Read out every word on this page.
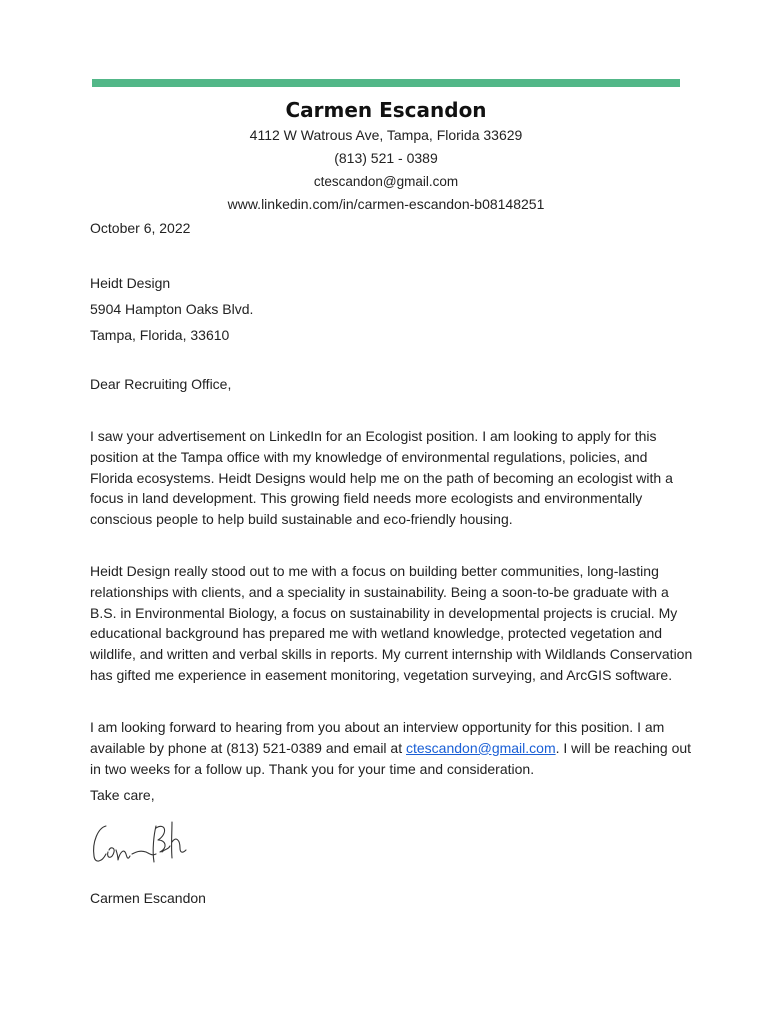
Carmen Escandon

4112 W Watrous Ave, Tampa, Florida 33629

(813) 521 - 0389

ctescandon@gmail.com

www.linkedin.com/in/carmen-escandon-b08148251

October 6, 2022
Heidt Design
5904 Hampton Oaks Blvd.
Tampa, Florida, 33610
Dear Recruiting Office,
I saw your advertisement on LinkedIn for an Ecologist position. I am looking to apply for this
position at the Tampa office with my knowledge of environmental regulations, policies, and
Florida ecosystems. Heidt Designs would help me on the path of becoming an ecologist with a
focus in land development. This growing field needs more ecologists and environmentally
conscious people to help build sustainable and eco-friendly housing.
Heidt Design really stood out to me with a focus on building better communities, long-lasting
relationships with clients, and a speciality in sustainability. Being a soon-to-be graduate with a
B.S. in Environmental Biology, a focus on sustainability in developmental projects is crucial. My
educational background has prepared me with wetland knowledge, protected vegetation and
wildlife, and written and verbal skills in reports. My current internship with Wildlands Conservation
has gifted me experience in easement monitoring, vegetation surveying, and ArcGIS software.
I am looking forward to hearing from you about an interview opportunity for this position. I am
available by phone at (813) 521-0389 and email at ctescandon@gmail.com. I will be reaching out
in two weeks for a follow up. Thank you for your time and consideration.
Take care,
Carmen Escandon
